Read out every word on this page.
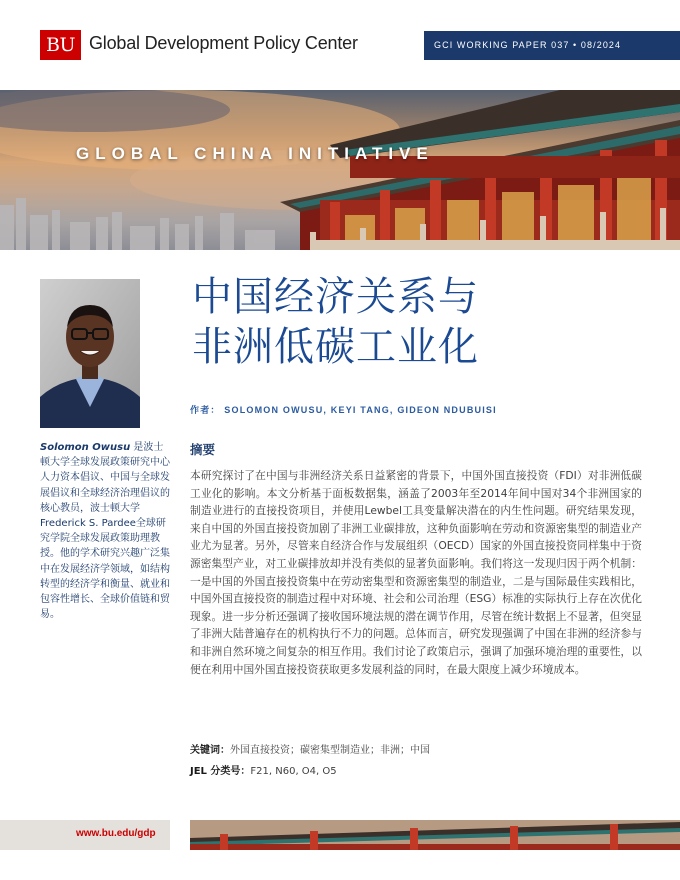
BU Global Development Policy Center	GCI WORKING PAPER 037 • 08/2024
GLOBAL CHINA INITIATIVE
Solomon Owusu 是波士顿大学全球发展政策研究中心人力资本倡议、中国与全球发展倡议和全球经济治理倡议的核心教员，波士顿大学Frederick S. Pardee全球研究学院全球发展政策助理教授。他的学术研究兴趣广泛集中在发展经济学领域，如结构转型的经济学和衡量、就业和包容性增长、全球价值链和贸易。
中国经济关系与
非洲低碳工业化
作者： SOLOMON OWUSU, KEYI TANG, GIDEON NDUBUISI
摘要
本研究探讨了在中国与非洲经济关系日益紧密的背景下，中国外国直接投资（FDI）对非洲低碳工业化的影响。本文分析基于面板数据集，涵盖了2003年至2014年间中国对34个非洲国家的制造业进行的直接投资项目，并使用Lewbel工具变量解决潜在的内生性问题。研究结果发现，来自中国的外国直接投资加剧了非洲工业碳排放，这种负面影响在劳动和资源密集型的制造业产业尤为显著。另外，尽管来自经济合作与发展组织（OECD）国家的外国直接投资同样集中于资源密集型产业，对工业碳排放却并没有类似的显著负面影响。我们将这一发现归因于两个机制：一是中国的外国直接投资集中在劳动密集型和资源密集型的制造业，二是与国际最佳实践相比，中国外国直接投资的制造过程中对环境、社会和公司治理（ESG）标准的实际执行上存在次优化现象。进一步分析还强调了接收国环境法规的潜在调节作用，尽管在统计数据上不显著，但突显了非洲大陆普遍存在的机构执行不力的问题。总体而言，研究发现强调了中国在非洲的经济参与和非洲自然环境之间复杂的相互作用。我们讨论了政策启示，强调了加强环境治理的重要性，以便在利用中国外国直接投资获取更多发展利益的同时，在最大限度上减少环境成本。
关键词：外国直接投资；碳密集型制造业；非洲；中国
JEL 分类号：F21, N60, O4, O5
www.bu.edu/gdp
